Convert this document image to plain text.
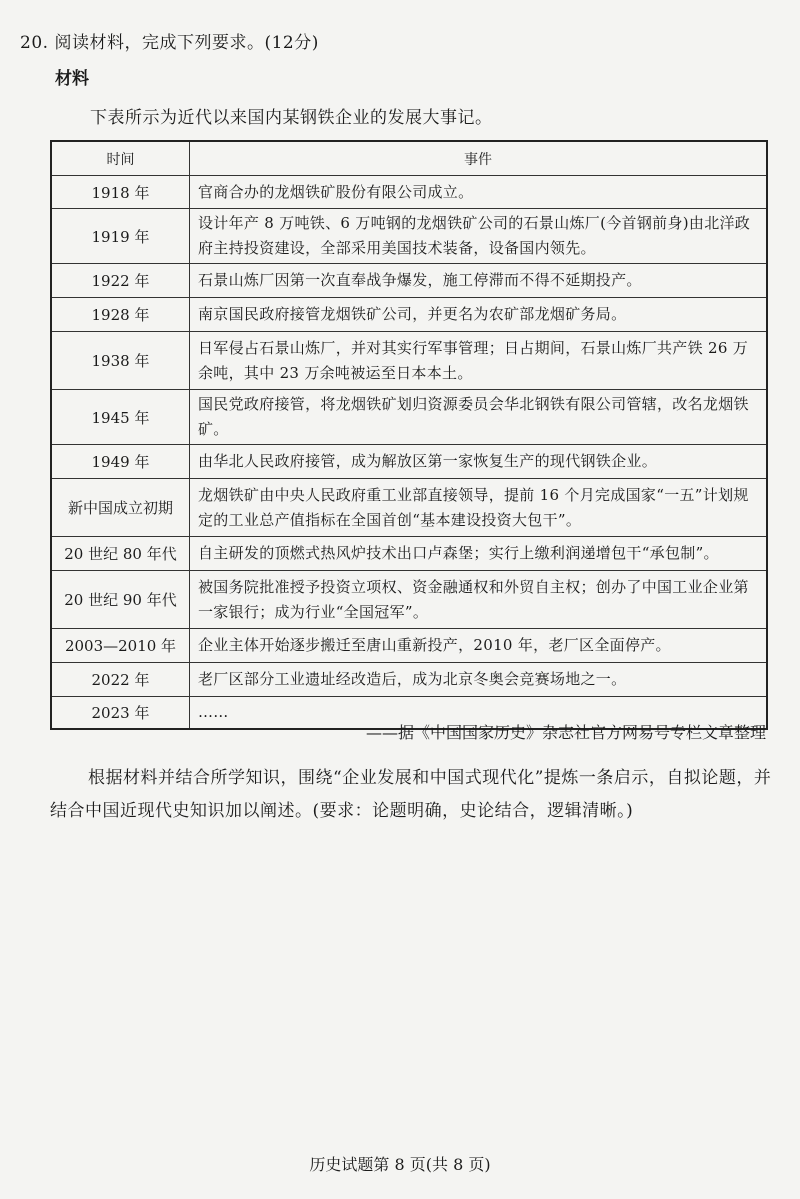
20. 阅读材料，完成下列要求。(12分)
材料
下表所示为近代以来国内某钢铁企业的发展大事记。
时间	事件
1918 年	官商合办的龙烟铁矿股份有限公司成立。
1919 年	设计年产 8 万吨铁、6 万吨钢的龙烟铁矿公司的石景山炼厂(今首钢前身)由北洋政府主持投资建设，全部采用美国技术装备，设备国内领先。
1922 年	石景山炼厂因第一次直奉战争爆发，施工停滞而不得不延期投产。
1928 年	南京国民政府接管龙烟铁矿公司，并更名为农矿部龙烟矿务局。
1938 年	日军侵占石景山炼厂，并对其实行军事管理；日占期间，石景山炼厂共产铁 26 万余吨，其中 23 万余吨被运至日本本土。
1945 年	国民党政府接管，将龙烟铁矿划归资源委员会华北钢铁有限公司管辖，改名龙烟铁矿。
1949 年	由华北人民政府接管，成为解放区第一家恢复生产的现代钢铁企业。
新中国成立初期	龙烟铁矿由中央人民政府重工业部直接领导，提前 16 个月完成国家“一五”计划规定的工业总产值指标在全国首创“基本建设投资大包干”。
20 世纪 80 年代	自主研发的顶燃式热风炉技术出口卢森堡；实行上缴利润递增包干“承包制”。
20 世纪 90 年代	被国务院批准授予投资立项权、资金融通权和外贸自主权；创办了中国工业企业第一家银行；成为行业“全国冠军”。
2003—2010 年	企业主体开始逐步搬迁至唐山重新投产，2010 年，老厂区全面停产。
2022 年	老厂区部分工业遗址经改造后，成为北京冬奥会竞赛场地之一。
2023 年	……
——据《中国国家历史》杂志社官方网易号专栏文章整理
根据材料并结合所学知识，围绕“企业发展和中国式现代化”提炼一条启示，自拟论题，并结合中国近现代史知识加以阐述。(要求：论题明确，史论结合，逻辑清晰。)
历史试题第 8 页(共 8 页)
